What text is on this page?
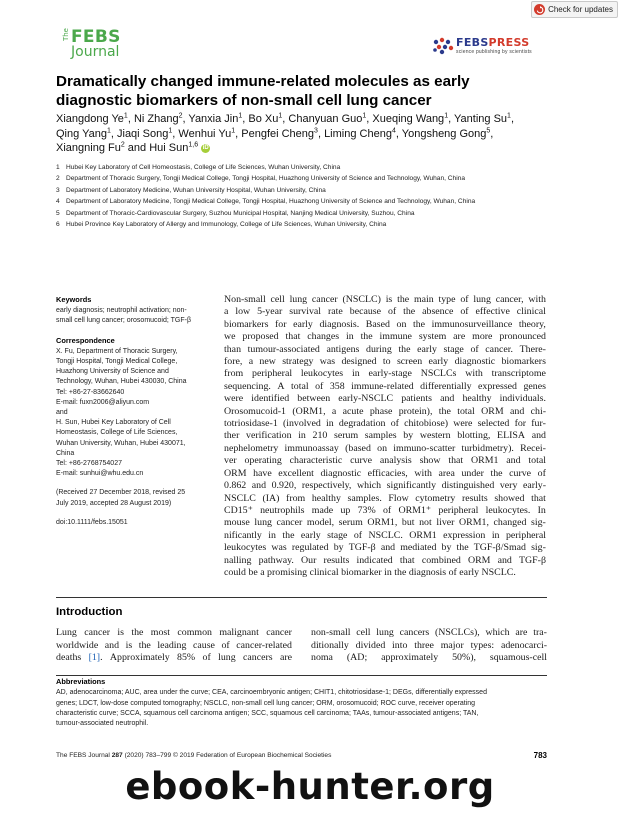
Check for updates
The FEBS
Journal
FEBSPRESS
science publishing by scientists
Dramatically changed immune-related molecules as early
diagnostic biomarkers of non-small cell lung cancer
Xiangdong Ye$^1$, Ni Zhang$^2$, Yanxia Jin$^1$, Bo Xu$^1$, Chanyuan Guo$^1$, Xueqing Wang$^1$, Yanting Su$^1$,
Qing Yang$^1$, Jiaqi Song$^1$, Wenhui Yu$^1$, Pengfei Cheng$^3$, Liming Cheng$^4$, Yongsheng Gong$^5$,
Xiangning Fu$^2$ and Hui Sun$^{1,6}$ iD
1 Hubei Key Laboratory of Cell Homeostasis, College of Life Sciences, Wuhan University, China
2 Department of Thoracic Surgery, Tongji Medical College, Tongji Hospital, Huazhong University of Science and Technology, Wuhan, China
3 Department of Laboratory Medicine, Wuhan University Hospital, Wuhan University, China
4 Department of Laboratory Medicine, Tongji Medical College, Tongji Hospital, Huazhong University of Science and Technology, Wuhan, China
5 Department of Thoracic-Cardiovascular Surgery, Suzhou Municipal Hospital, Nanjing Medical University, Suzhou, China
6 Hubei Province Key Laboratory of Allergy and Immunology, College of Life Sciences, Wuhan University, China
Keywords
early diagnosis; neutrophil activation; non-
small cell lung cancer; orosomucoid; TGF-β
Correspondence
X. Fu, Department of Thoracic Surgery,
Tongji Hospital, Tongji Medical College,
Huazhong University of Science and
Technology, Wuhan, Hubei 430030, China
Tel: +86-27-83662640
E-mail: fuxn2006@aliyun.com
and
H. Sun, Hubei Key Laboratory of Cell
Homeostasis, College of Life Sciences,
Wuhan University, Wuhan, Hubei 430071,
China
Tel: +86-2768754027
E-mail: sunhui@whu.edu.cn
(Received 27 December 2018, revised 25
July 2019, accepted 28 August 2019)
doi:10.1111/febs.15051
Non-small cell lung cancer (NSCLC) is the main type of lung cancer, with
a low 5-year survival rate because of the absence of effective clinical
biomarkers for early diagnosis. Based on the immunosurveillance theory,
we proposed that changes in the immune system are more pronounced
than tumour-associated antigens during the early stage of cancer. There-
fore, a new strategy was designed to screen early diagnostic biomarkers
from peripheral leukocytes in early-stage NSCLCs with transcriptome
sequencing. A total of 358 immune-related differentially expressed genes
were identified between early-NSCLC patients and healthy individuals.
Orosomucoid-1 (ORM1, a acute phase protein), the total ORM and chi-
totriosidase-1 (involved in degradation of chitobiose) were selected for fur-
ther verification in 210 serum samples by western blotting, ELISA and
nephelometry immunoassay (based on immuno-scatter turbidmetry). Recei-
ver operating characteristic curve analysis show that ORM1 and total
ORM have excellent diagnostic efficacies, with area under the curve of
0.862 and 0.920, respectively, which significantly distinguished very early-
NSCLC (IA) from healthy samples. Flow cytometry results showed that
CD15⁺ neutrophils made up 73% of ORM1⁺ peripheral leukocytes. In
mouse lung cancer model, serum ORM1, but not liver ORM1, changed sig-
nificantly in the early stage of NSCLC. ORM1 expression in peripheral
leukocytes was regulated by TGF-β and mediated by the TGF-β/Smad sig-
nalling pathway. Our results indicated that combined ORM and TGF-β
could be a promising clinical biomarker in the diagnosis of early NSCLC.
Introduction
Lung cancer is the most common malignant cancer
worldwide and is the leading cause of cancer-related
deaths [1]. Approximately 85% of lung cancers are
non-small cell lung cancers (NSCLCs), which are tra-
ditionally divided into three major types: adenocarci-
noma (AD; approximately 50%), squamous-cell
Abbreviations
AD, adenocarcinoma; AUC, area under the curve; CEA, carcinoembryonic antigen; CHIT1, chitotriosidase-1; DEGs, differentially expressed
genes; LDCT, low-dose computed tomography; NSCLC, non-small cell lung cancer; ORM, orosomucoid; ROC curve, receiver operating
characteristic curve; SCCA, squamous cell carcinoma antigen; SCC, squamous cell carcinoma; TAAs, tumour-associated antigens; TAN,
tumour-associated neutrophil.
The FEBS Journal 287 (2020) 783–799 © 2019 Federation of European Biochemical Societies	783
ebook-hunter.org
